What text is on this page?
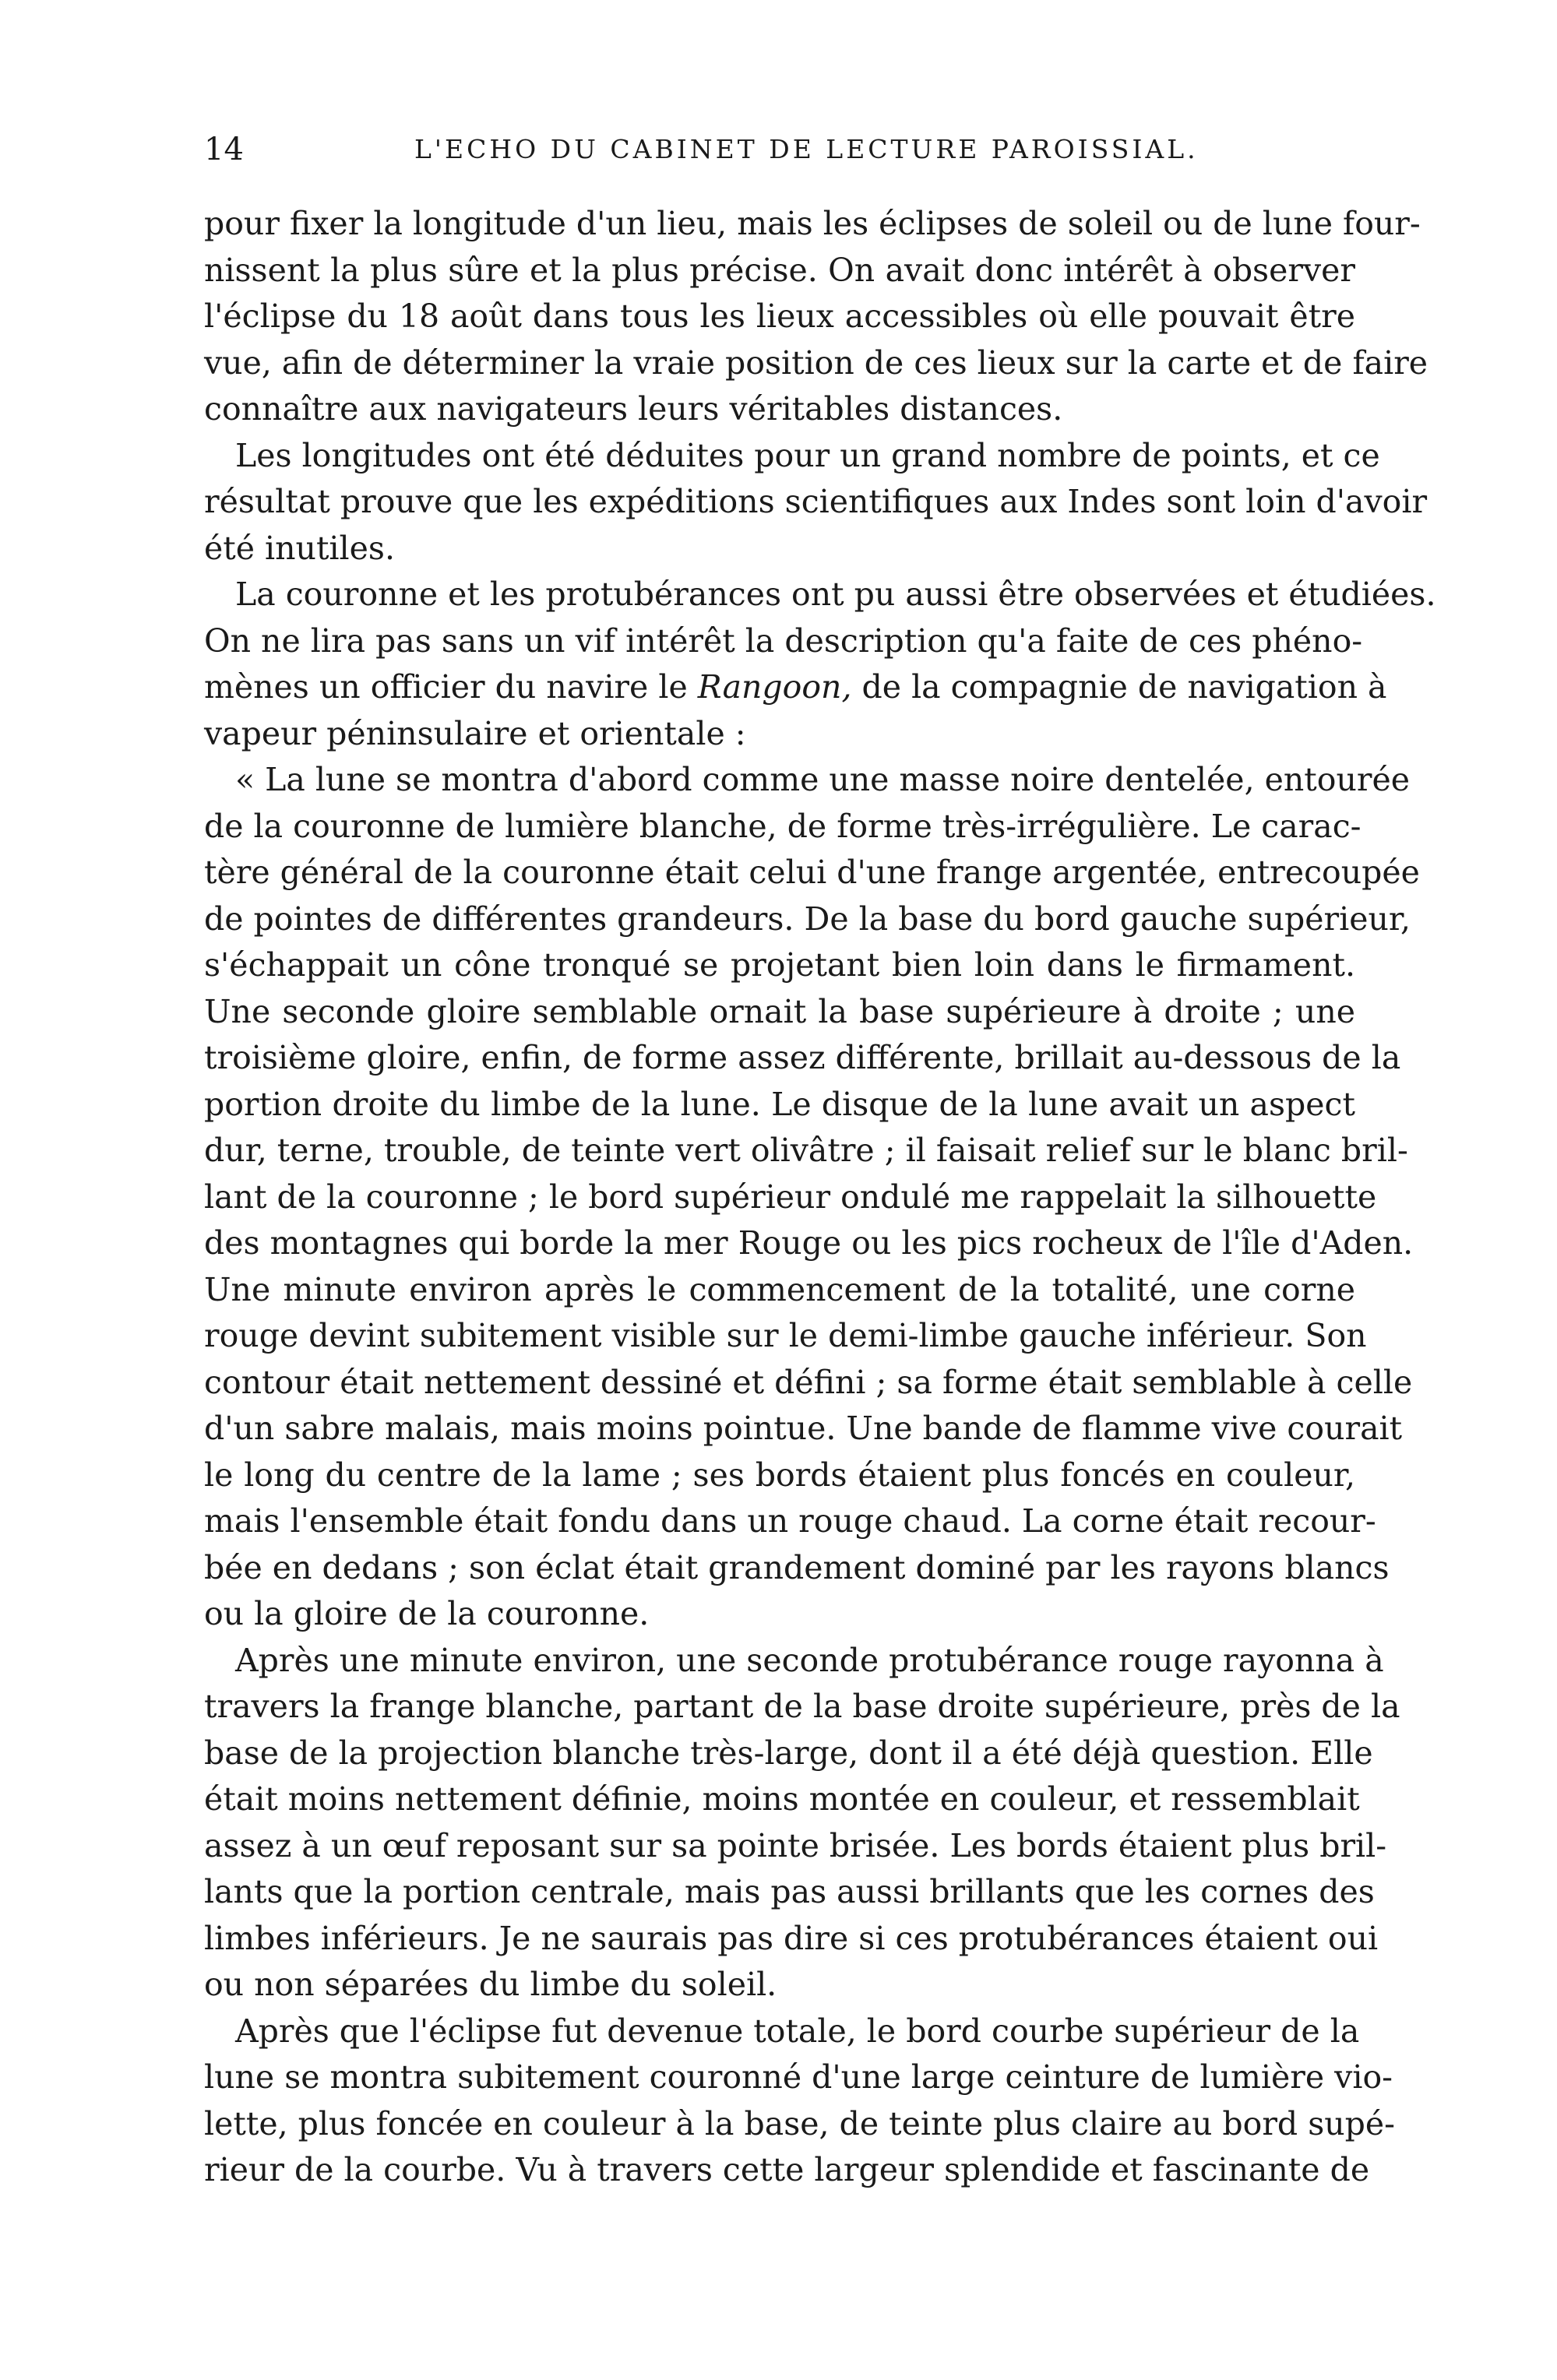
14	L'ECHO DU CABINET DE LECTURE PAROISSIAL.
pour fixer la longitude d'un lieu, mais les éclipses de soleil ou de lune four-
nissent la plus sûre et la plus précise. On avait donc intérêt à observer
l'éclipse du 18 août dans tous les lieux accessibles où elle pouvait être
vue, afin de déterminer la vraie position de ces lieux sur la carte et de faire
connaître aux navigateurs leurs véritables distances.
Les longitudes ont été déduites pour un grand nombre de points, et ce
résultat prouve que les expéditions scientifiques aux Indes sont loin d'avoir
été inutiles.
La couronne et les protubérances ont pu aussi être observées et étudiées.
On ne lira pas sans un vif intérêt la description qu'a faite de ces phéno-
mènes un officier du navire le Rangoon, de la compagnie de navigation à
vapeur péninsulaire et orientale :
« La lune se montra d'abord comme une masse noire dentelée, entourée
de la couronne de lumière blanche, de forme très-irrégulière. Le carac-
tère général de la couronne était celui d'une frange argentée, entrecoupée
de pointes de différentes grandeurs. De la base du bord gauche supérieur,
s'échappait un cône tronqué se projetant bien loin dans le firmament.
Une seconde gloire semblable ornait la base supérieure à droite ; une
troisième gloire, enfin, de forme assez différente, brillait au-dessous de la
portion droite du limbe de la lune. Le disque de la lune avait un aspect
dur, terne, trouble, de teinte vert olivâtre ; il faisait relief sur le blanc bril-
lant de la couronne ; le bord supérieur ondulé me rappelait la silhouette
des montagnes qui borde la mer Rouge ou les pics rocheux de l'île d'Aden.
Une minute environ après le commencement de la totalité, une corne
rouge devint subitement visible sur le demi-limbe gauche inférieur. Son
contour était nettement dessiné et défini ; sa forme était semblable à celle
d'un sabre malais, mais moins pointue. Une bande de flamme vive courait
le long du centre de la lame ; ses bords étaient plus foncés en couleur,
mais l'ensemble était fondu dans un rouge chaud. La corne était recour-
bée en dedans ; son éclat était grandement dominé par les rayons blancs
ou la gloire de la couronne.
Après une minute environ, une seconde protubérance rouge rayonna à
travers la frange blanche, partant de la base droite supérieure, près de la
base de la projection blanche très-large, dont il a été déjà question. Elle
était moins nettement définie, moins montée en couleur, et ressemblait
assez à un œuf reposant sur sa pointe brisée. Les bords étaient plus bril-
lants que la portion centrale, mais pas aussi brillants que les cornes des
limbes inférieurs. Je ne saurais pas dire si ces protubérances étaient oui
ou non séparées du limbe du soleil.
Après que l'éclipse fut devenue totale, le bord courbe supérieur de la
lune se montra subitement couronné d'une large ceinture de lumière vio-
lette, plus foncée en couleur à la base, de teinte plus claire au bord supé-
rieur de la courbe. Vu à travers cette largeur splendide et fascinante de
